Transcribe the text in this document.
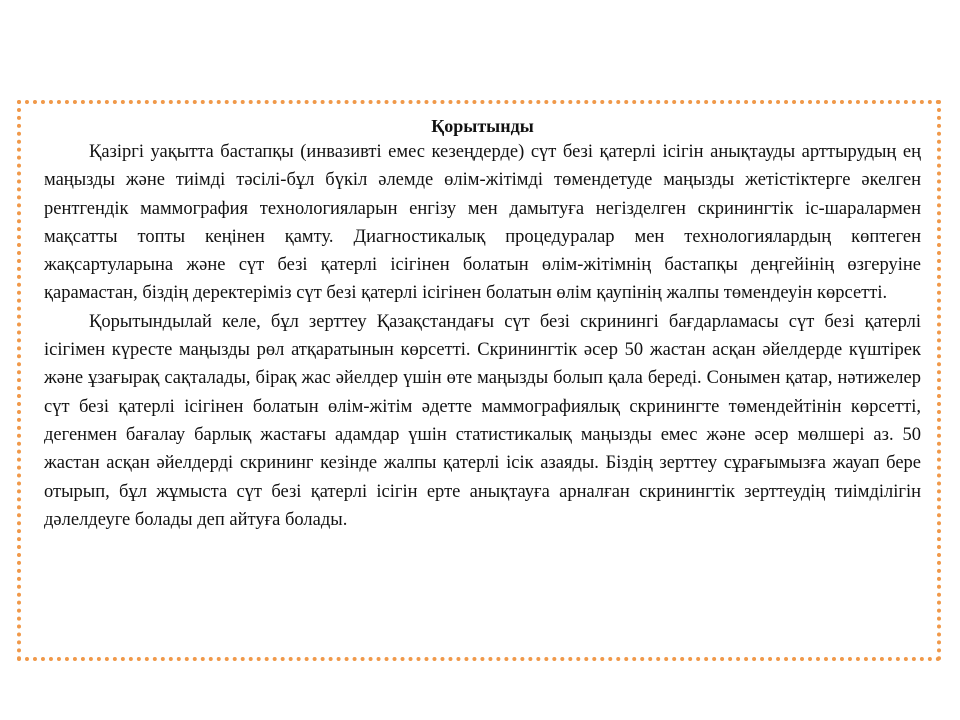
Қорытынды

Қазіргі уақытта бастапқы (инвазивті емес кезеңдерде) сүт безі қатерлі ісігін анықтауды арттырудың ең маңызды және тиімді тәсілі-бұл бүкіл әлемде өлім-жітімді төмендетуде маңызды жетістіктерге әкелген рентгендік маммография технологияларын енгізу мен дамытуға негізделген скринингтік іс-шаралармен мақсатты топты кеңінен қамту. Диагностикалық процедуралар мен технологиялардың көптеген жақсартуларына және сүт безі қатерлі ісігінен болатын өлім-жітімнің бастапқы деңгейінің өзгеруіне қарамастан, біздің деректеріміз сүт безі қатерлі ісігінен болатын өлім қаупінің жалпы төмендеуін көрсетті.

Қорытындылай келе, бұл зерттеу Қазақстандағы сүт безі скринингі бағдарламасы сүт безі қатерлі ісігімен күресте маңызды рөл атқаратынын көрсетті. Скринингтік әсер 50 жастан асқан әйелдерде күштірек және ұзағырақ сақталады, бірақ жас әйелдер үшін өте маңызды болып қала береді. Сонымен қатар, нәтижелер сүт безі қатерлі ісігінен болатын өлім-жітім әдетте маммографиялық скринингте төмендейтінін көрсетті, дегенмен бағалау барлық жастағы адамдар үшін статистикалық маңызды емес және әсер мөлшері аз. 50 жастан асқан әйелдерді скрининг кезінде жалпы қатерлі ісік азаяды. Біздің зерттеу сұрағымызға жауап бере отырып, бұл жұмыста сүт безі қатерлі ісігін ерте анықтауға арналған скринингтік зерттеудің тиімділігін дәлелдеуге болады деп айтуға болады.
